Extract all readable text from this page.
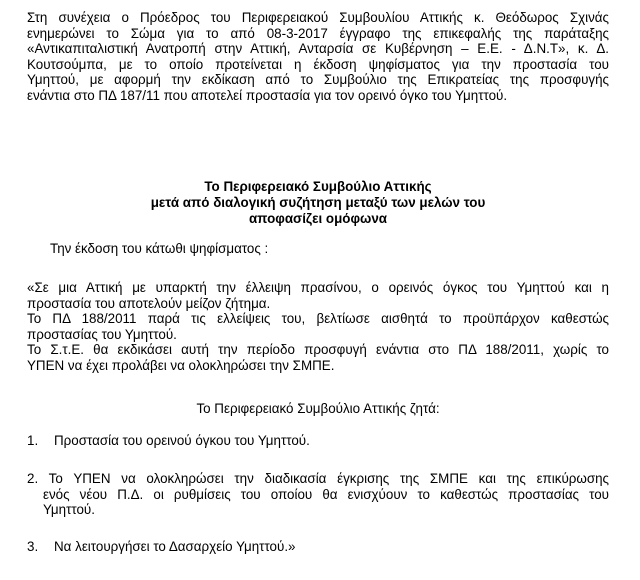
Στη συνέχεια ο Πρόεδρος του Περιφερειακού Συμβουλίου Αττικής κ. Θεόδωρος Σχινάς
ενημερώνει το Σώμα για το από 08-3-2017 έγγραφο της επικεφαλής της παράταξης
«Αντικαπιταλιστική Ανατροπή στην Αττική, Ανταρσία σε Κυβέρνηση – Ε.Ε. - Δ.Ν.Τ», κ. Δ.
Κουτσούμπα, με το οποίο προτείνεται η έκδοση ψηφίσματος για την προστασία του
Υμηττού, με αφορμή την εκδίκαση από το Συμβούλιο της Επικρατείας της προσφυγής
ενάντια στο ΠΔ 187/11 που αποτελεί προστασία για τον ορεινό όγκο του Υμηττού.
Το Περιφερειακό Συμβούλιο Αττικής
μετά από διαλογική συζήτηση μεταξύ των μελών του
αποφασίζει ομόφωνα
Την έκδοση του κάτωθι ψηφίσματος :
«Σε μια Αττική με υπαρκτή την έλλειψη πρασίνου, ο ορεινός όγκος του Υμηττού και η
προστασία του αποτελούν μείζον ζήτημα.
Το ΠΔ 188/2011 παρά τις ελλείψεις του, βελτίωσε αισθητά το προϋπάρχον καθεστώς
προστασίας του Υμηττού.
Το Σ.τ.Ε. θα εκδικάσει αυτή την περίοδο προσφυγή ενάντια στο ΠΔ 188/2011, χωρίς το
ΥΠΕΝ να έχει προλάβει να ολοκληρώσει την ΣΜΠΕ.
Το Περιφερειακό Συμβούλιο Αττικής ζητά:
1. Προστασία του ορεινού όγκου του Υμηττού.
2. Το ΥΠΕΝ να ολοκληρώσει την διαδικασία έγκρισης της ΣΜΠΕ και της επικύρωσης
ενός νέου Π.Δ. οι ρυθμίσεις του οποίου θα ενισχύουν το καθεστώς προστασίας του
Υμηττού.
3. Να λειτουργήσει το Δασαρχείο Υμηττού.»
